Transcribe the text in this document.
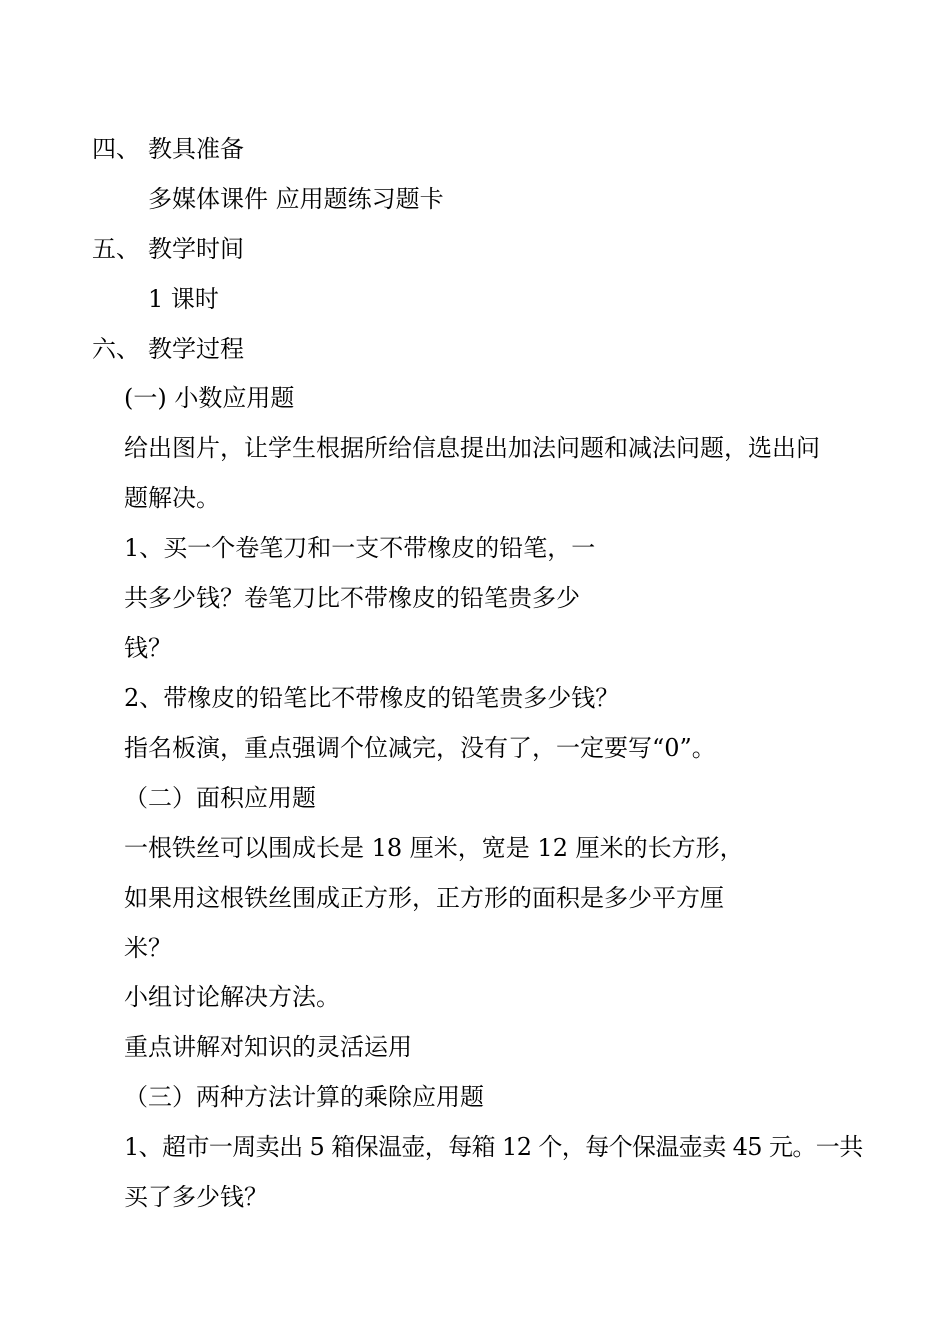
四、 教具准备
多媒体课件 应用题练习题卡
五、 教学时间
1 课时
六、 教学过程
(一) 小数应用题
给出图片，让学生根据所给信息提出加法问题和减法问题，选出问
题解决。
1、买一个卷笔刀和一支不带橡皮的铅笔，一
共多少钱？卷笔刀比不带橡皮的铅笔贵多少
钱？
2、带橡皮的铅笔比不带橡皮的铅笔贵多少钱？
指名板演，重点强调个位减完，没有了，一定要写“0”。
（二）面积应用题
一根铁丝可以围成长是 18 厘米，宽是 12 厘米的长方形，
如果用这根铁丝围成正方形，正方形的面积是多少平方厘
米？
小组讨论解决方法。
重点讲解对知识的灵活运用
（三）两种方法计算的乘除应用题
1、超市一周卖出 5 箱保温壶，每箱 12 个，每个保温壶卖 45 元。一共
买了多少钱？
